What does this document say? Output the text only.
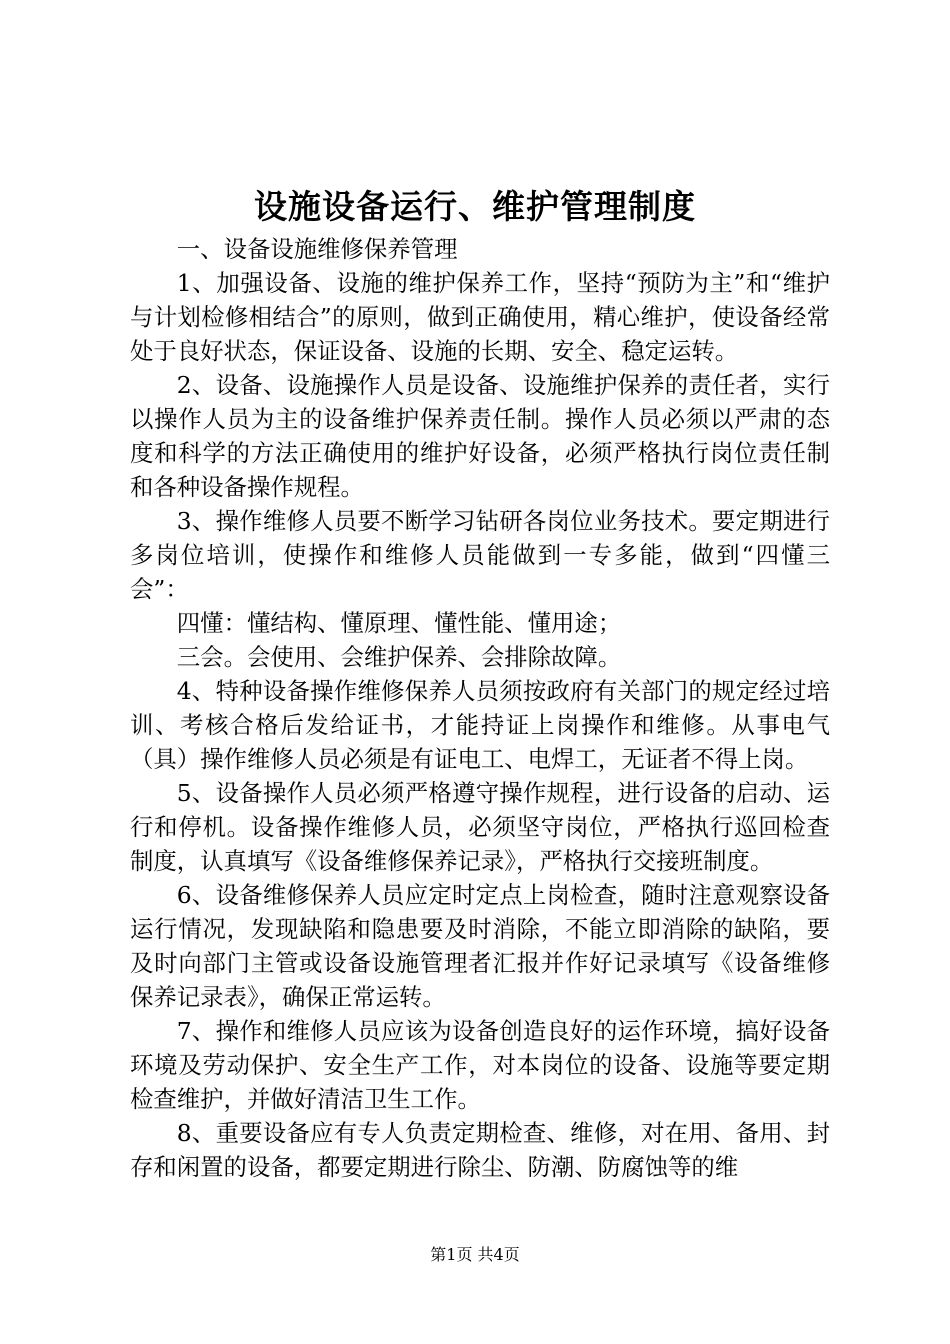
设施设备运行、维护管理制度

一、设备设施维修保养管理

1、加强设备、设施的维护保养工作，坚持“预防为主”和“维护与计划检修相结合”的原则，做到正确使用，精心维护，使设备经常处于良好状态，保证设备、设施的长期、安全、稳定运转。

2、设备、设施操作人员是设备、设施维护保养的责任者，实行以操作人员为主的设备维护保养责任制。操作人员必须以严肃的态度和科学的方法正确使用的维护好设备，必须严格执行岗位责任制和各种设备操作规程。

3、操作维修人员要不断学习钻研各岗位业务技术。要定期进行多岗位培训，使操作和维修人员能做到一专多能，做到“四懂三会”：

四懂：懂结构、懂原理、懂性能、懂用途；

三会。会使用、会维护保养、会排除故障。

4、特种设备操作维修保养人员须按政府有关部门的规定经过培训、考核合格后发给证书，才能持证上岗操作和维修。从事电气（具）操作维修人员必须是有证电工、电焊工，无证者不得上岗。

5、设备操作人员必须严格遵守操作规程，进行设备的启动、运行和停机。设备操作维修人员，必须坚守岗位，严格执行巡回检查制度，认真填写《设备维修保养记录》，严格执行交接班制度。

6、设备维修保养人员应定时定点上岗检查，随时注意观察设备运行情况，发现缺陷和隐患要及时消除，不能立即消除的缺陷，要及时向部门主管或设备设施管理者汇报并作好记录填写《设备维修保养记录表》，确保正常运转。

7、操作和维修人员应该为设备创造良好的运作环境，搞好设备环境及劳动保护、安全生产工作，对本岗位的设备、设施等要定期检查维护，并做好清洁卫生工作。

8、重要设备应有专人负责定期检查、维修，对在用、备用、封存和闲置的设备，都要定期进行除尘、防潮、防腐蚀等的维

第1页 共4页
